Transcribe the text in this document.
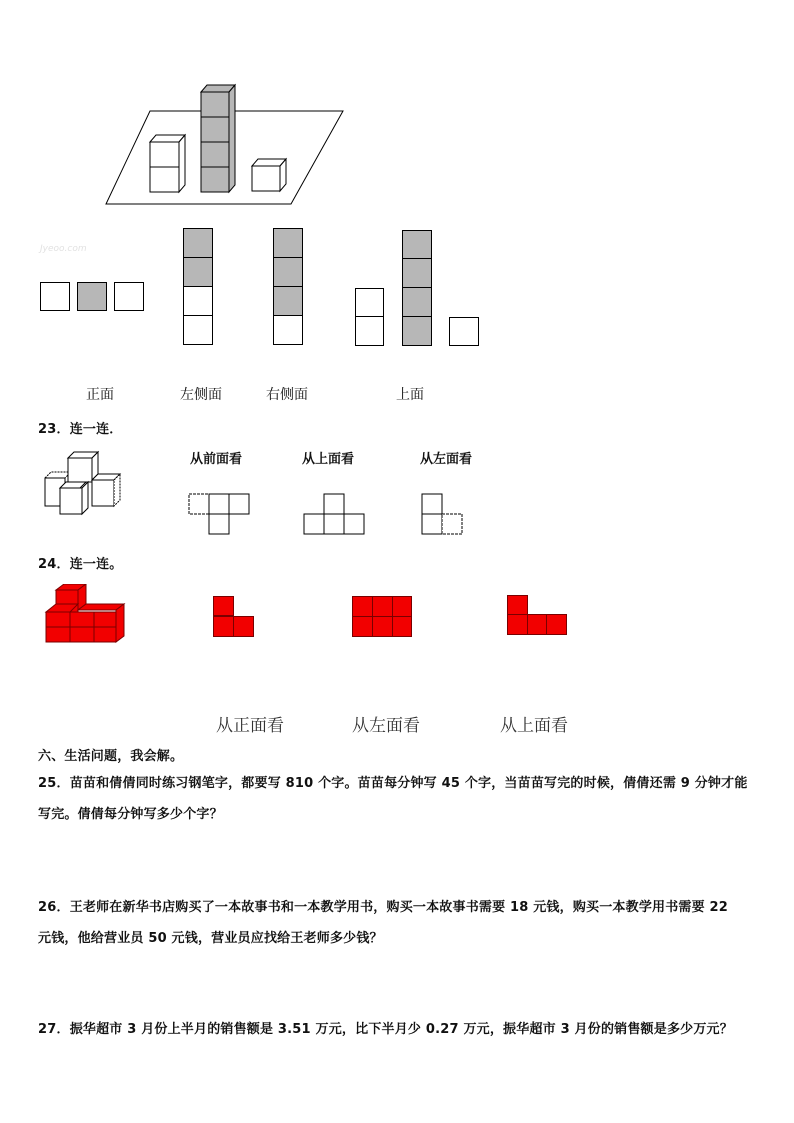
Jyeoo.com
正面	左侧面	右侧面	上面
23．连一连．
从前面看	从上面看	从左面看
24．连一连。
从正面看	从左面看	从上面看
六、生活问题，我会解。
25．苗苗和倩倩同时练习钢笔字，都要写 810 个字。苗苗每分钟写 45 个字，当苗苗写完的时候，倩倩还需 9 分钟才能
写完。倩倩每分钟写多少个字？
26．王老师在新华书店购买了一本故事书和一本教学用书，购买一本故事书需要 18 元钱，购买一本教学用书需要 22
元钱，他给营业员 50 元钱，营业员应找给王老师多少钱？
27．振华超市 3 月份上半月的销售额是 3.51 万元，比下半月少 0.27 万元，振华超市 3 月份的销售额是多少万元？
